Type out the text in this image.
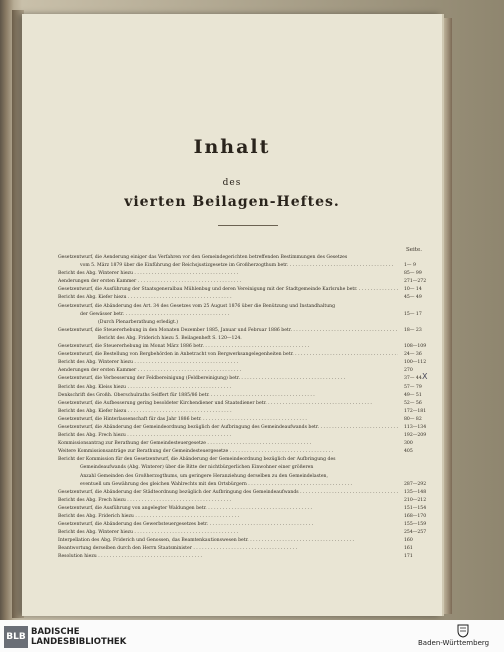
Inhalt
des
vierten Beilagen-Heftes.
Seite.
Gesetzentwurf, die Aenderung einiger das Verfahren vor den Gemeindegerichten betreffenden Bestimmungen des Gesetzes
vom 5. März 1879 über die Einführung der Reichsjustizgesetze im Großherzogthum betr. . . .	1— 9
Bericht des Abg. Winterer hiezu . . .	85— 99
Aenderungen der ersten Kammer . . .	271—272
Gesetzentwurf, die Ausführung der Staatsgeneralbau Mühlenbug und deren Vereinigung mit der Stadtgemeinde Karlsruhe betr. . . .	10— 14
Bericht des Abg. Kiefer hiezu . . .	45— 49
Gesetzentwurf, die Abänderung des Art. 34 des Gesetzes vom 25 August 1876 über die Benützung und Instandhaltung
der Gewässer betr. . . .	15— 17
(Durch Plenarberathung erledigt.)
Gesetzentwurf, die Steuererhebung in den Monaten Dezember 1885, Januar und Februar 1886 betr. . . .	18— 23
Bericht des Abg. Friderich hiezu 5. Beilagenheft S. 120—124.
Gesetzentwurf, die Steuererhebung im Monat März 1886 betr. . . .	108—109
Gesetzentwurf, die Bestellung von Bergbehörden in Anbetracht von Bergwerksangelegenheiten betr. . . .	24— 36
Bericht des Abg. Winterer hiezu . . .	100—112
Aenderungen der ersten Kammer . . .	270
Gesetzentwurf, die Verbesserung der Feldbereinigung (Feldbereinigung) betr. . . .	37— 44
Bericht des Abg. Kleiss hiezu . . .	57— 79
Denkschrift des Großh. Oberschulraths Seiffert für 1885/86 betr. . . .	49— 51
Gesetzentwurf, die Aufbesserung gering besoldeter Kirchendiener und Staatsdiener betr. . . .	52— 56
Bericht des Abg. Kiefer hiezu . . .	172—181
Gesetzentwurf, die Hinterlassenschaft für das Jahr 1886 betr. . . .	80— 82
Gesetzentwurf, die Abänderung der Gemeindeordnung bezüglich der Aufbringung des Gemeindeaufwands betr. . . .	113—134
Bericht des Abg. Frech hiezu . . .	192—209
Kommissionsantrag zur Berathung der Gemeindesteuergesetze . . .	300
Weitere Kommissionsanträge zur Berathung der Gemeindesteuergesetze . . .	405
Bericht der Kommission für den Gesetzentwurf, die Abänderung der Gemeindeordnung bezüglich der Aufbringung des
Gemeindeaufwands (Abg. Winterer) über die Bitte der nichtbürgerlichen Einwohner einer größeren
Anzahl Gemeinden des Großherzogthums, um geringere Heranziehung derselben zu den Gemeindelasten,
eventuell um Gewährung des gleichen Wahlrechts mit den Ortsbürgern . . .	287—292
Gesetzentwurf, die Abänderung der Städteordnung bezüglich der Aufbringung des Gemeindeaufwands . . .	135—148
Bericht des Abg. Frech hiezu . . .	210—212
Gesetzentwurf, die Ausführung von angelegter Waldungen betr. . . .	151—154
Bericht des Abg. Friderich hiezu . . .	168—170
Gesetzentwurf, die Abänderung des Gewerbsteuergesetzes betr. . . .	155—159
Bericht des Abg. Winterer hiezu . . .	254—257
Interpellation des Abg. Friderich und Genossen, das Beamtenkautionswesen betr. . . .	160
Beantwortung derselben durch den Herrn Staatsminister . . .	161
Resolution hiezu . . .	171
X
BLB BADISCHE
LANDESBIBLIOTHEK	Baden-Württemberg
